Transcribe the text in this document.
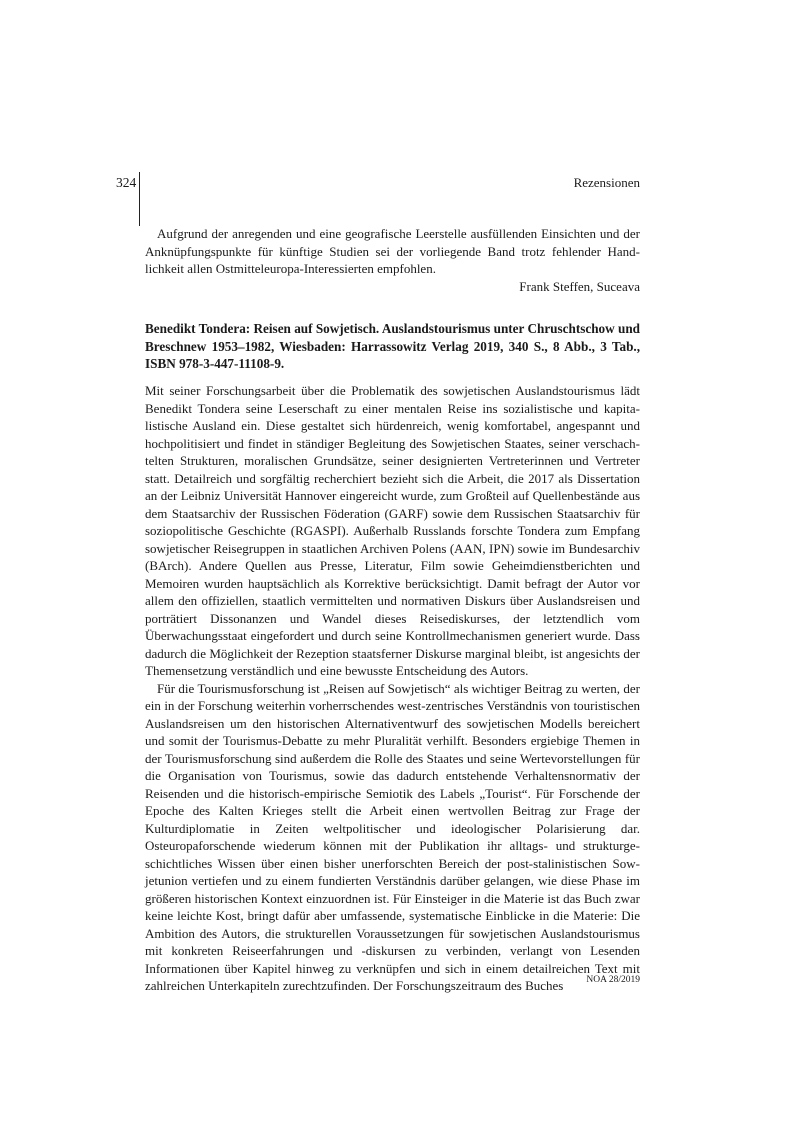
324	Rezensionen

Aufgrund der anregenden und eine geografische Leerstelle ausfüllenden Einsichten und der Anknüpfungspunkte für künftige Studien sei der vorliegende Band trotz fehlender Handlichkeit allen Ostmitteleuropa-Interessierten empfohlen.

Frank Steffen, Suceava

Benedikt Tondera: Reisen auf Sowjetisch. Auslandstourismus unter Chruschtschow und Breschnew 1953–1982, Wiesbaden: Harrassowitz Verlag 2019, 340 S., 8 Abb., 3 Tab., ISBN 978-3-447-11108-9.

Mit seiner Forschungsarbeit über die Problematik des sowjetischen Auslandstourismus lädt Benedikt Tondera seine Leserschaft zu einer mentalen Reise ins sozialistische und kapitalistische Ausland ein. Diese gestaltet sich hürdenreich, wenig komfortabel, angespannt und hochpolitisiert und findet in ständiger Begleitung des Sowjetischen Staates, seiner verschachtelten Strukturen, moralischen Grundsätze, seiner designierten Vertreterinnen und Vertreter statt. Detailreich und sorgfältig recherchiert bezieht sich die Arbeit, die 2017 als Dissertation an der Leibniz Universität Hannover eingereicht wurde, zum Großteil auf Quellenbestände aus dem Staatsarchiv der Russischen Föderation (GARF) sowie dem Russischen Staatsarchiv für soziopolitische Geschichte (RGASPI). Außerhalb Russlands forschte Tondera zum Empfang sowjetischer Reisegruppen in staatlichen Archiven Polens (AAN, IPN) sowie im Bundesarchiv (BArch). Andere Quellen aus Presse, Literatur, Film sowie Geheimdienstberichten und Memoiren wurden hauptsächlich als Korrektive berücksichtigt. Damit befragt der Autor vor allem den offiziellen, staatlich vermittelten und normativen Diskurs über Auslandsreisen und porträtiert Dissonanzen und Wandel dieses Reisediskurses, der letztendlich vom Überwachungsstaat eingefordert und durch seine Kontrollmechanismen generiert wurde. Dass dadurch die Möglichkeit der Rezeption staatsferner Diskurse marginal bleibt, ist angesichts der Themensetzung verständlich und eine bewusste Entscheidung des Autors.

Für die Tourismusforschung ist „Reisen auf Sowjetisch“ als wichtiger Beitrag zu werten, der ein in der Forschung weiterhin vorherrschendes west-zentrisches Verständnis von touristischen Auslandsreisen um den historischen Alternativentwurf des sowjetischen Modells bereichert und somit der Tourismus-Debatte zu mehr Pluralität verhilft. Besonders ergiebige Themen in der Tourismusforschung sind außerdem die Rolle des Staates und seine Wertevorstellungen für die Organisation von Tourismus, sowie das dadurch entstehende Verhaltensnormativ der Reisenden und die historisch-empirische Semiotik des Labels „Tourist“. Für Forschende der Epoche des Kalten Krieges stellt die Arbeit einen wertvollen Beitrag zur Frage der Kulturdiplomatie in Zeiten weltpolitischer und ideologischer Polarisierung dar. Osteuropaforschende wiederum können mit der Publikation ihr alltags- und strukturgeschichtliches Wissen über einen bisher unerforschten Bereich der post-stalinistischen Sowjetunion vertiefen und zu einem fundierten Verständnis darüber gelangen, wie diese Phase im größeren historischen Kontext einzuordnen ist. Für Einsteiger in die Materie ist das Buch zwar keine leichte Kost, bringt dafür aber umfassende, systematische Einblicke in die Materie: Die Ambition des Autors, die strukturellen Voraussetzungen für sowjetischen Auslandstourismus mit konkreten Reiseerfahrungen und -diskursen zu verbinden, verlangt von Lesenden Informationen über Kapitel hinweg zu verknüpfen und sich in einem detailreichen Text mit zahlreichen Unterkapiteln zurechtzufinden. Der Forschungszeitraum des Buches	NOA 28/2019
